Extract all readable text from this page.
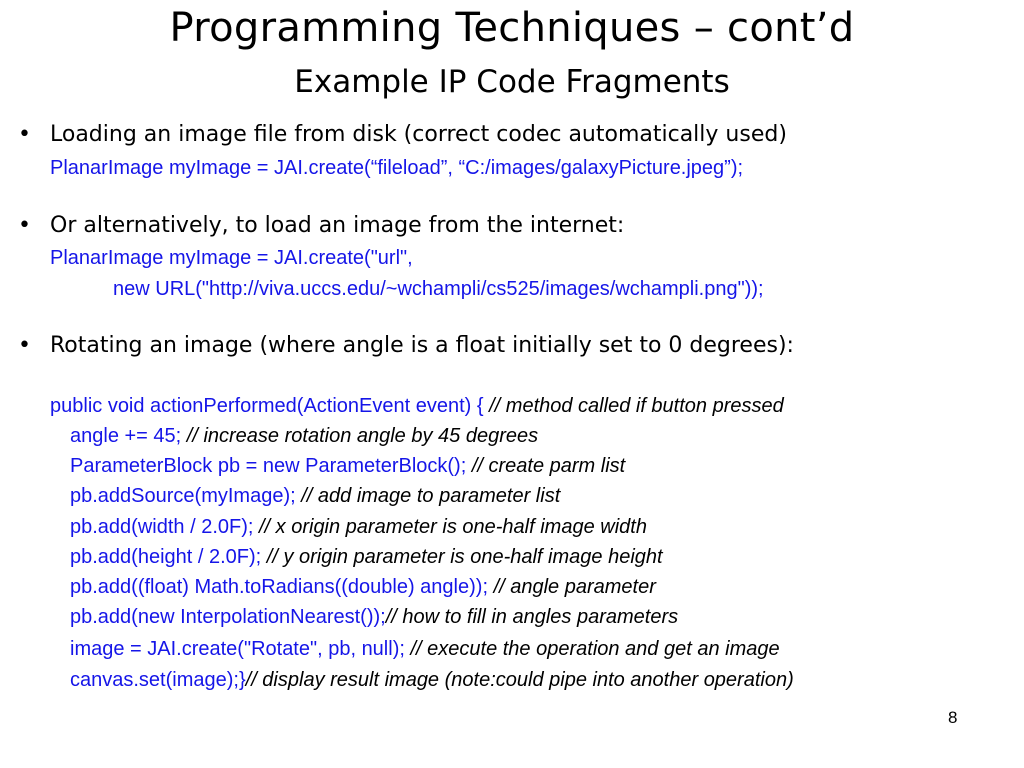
Programming Techniques – cont’d
Example IP Code Fragments
• Loading an image file from disk (correct codec automatically used)
PlanarImage myImage = JAI.create(“fileload”, “C:/images/galaxyPicture.jpeg”);
• Or alternatively, to load an image from the internet:
PlanarImage myImage = JAI.create("url",
new URL("http://viva.uccs.edu/~wchampli/cs525/images/wchampli.png"));
• Rotating an image (where angle is a float initially set to 0 degrees):
public void actionPerformed(ActionEvent event) { // method called if button pressed
angle += 45; // increase rotation angle by 45 degrees
ParameterBlock pb = new ParameterBlock(); // create parm list
pb.addSource(myImage); // add image to parameter list
pb.add(width / 2.0F); // x origin parameter is one-half image width
pb.add(height / 2.0F); // y origin parameter is one-half image height
pb.add((float) Math.toRadians((double) angle)); // angle parameter
pb.add(new InterpolationNearest());// how to fill in angles parameters
image = JAI.create("Rotate", pb, null); // execute the operation and get an image
canvas.set(image);}// display result image (note:could pipe into another operation)
8
